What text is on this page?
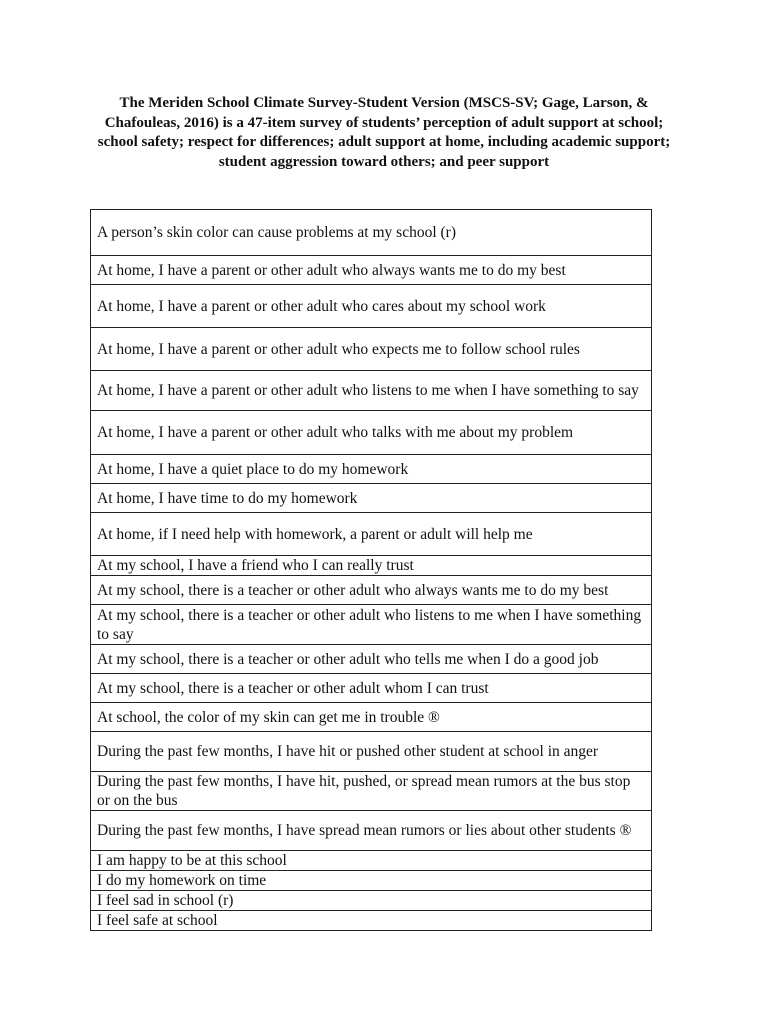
The Meriden School Climate Survey-Student Version (MSCS-SV; Gage, Larson, & Chafouleas, 2016) is a 47-item survey of students’ perception of adult support at school; school safety; respect for differences; adult support at home, including academic support; student aggression toward others; and peer support
A person’s skin color can cause problems at my school (r)
At home, I have a parent or other adult who always wants me to do my best
At home, I have a parent or other adult who cares about my school work
At home, I have a parent or other adult who expects me to follow school rules
At home, I have a parent or other adult who listens to me when I have something to say
At home, I have a parent or other adult who talks with me about my problem
At home, I have a quiet place to do my homework
At home, I have time to do my homework
At home, if I need help with homework, a parent or adult will help me
At my school, I have a friend who I can really trust
At my school, there is a teacher or other adult who always wants me to do my best
At my school, there is a teacher or other adult who listens to me when I have something to say
At my school, there is a teacher or other adult who tells me when I do a good job
At my school, there is a teacher or other adult whom I can trust
At school, the color of my skin can get me in trouble ®
During the past few months, I have hit or pushed other student at school in anger
During the past few months, I have hit, pushed, or spread mean rumors at the bus stop or on the bus
During the past few months, I have spread mean rumors or lies about other students ®
I am happy to be at this school
I do my homework on time
I feel sad in school (r)
I feel safe at school
